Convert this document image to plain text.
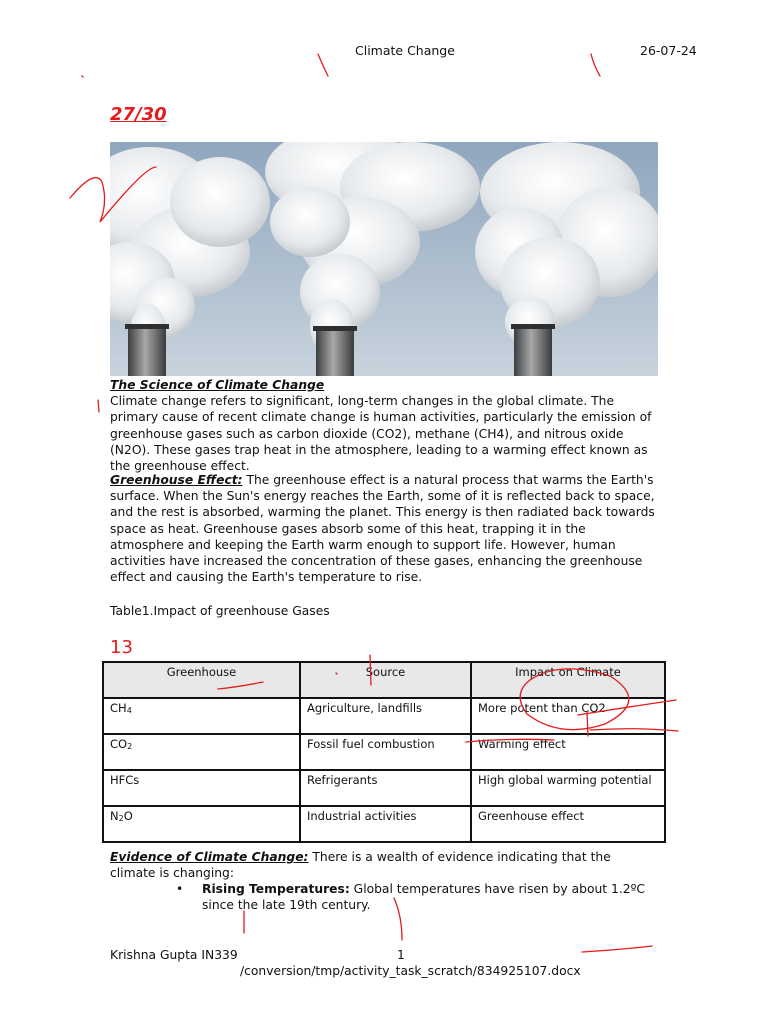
Climate Change	26-07-24
27/30

The Science of Climate Change
Climate change refers to significant, long-term changes in the global climate. The primary cause of recent climate change is human activities, particularly the emission of greenhouse gases such as carbon dioxide (CO2), methane (CH4), and nitrous oxide (N2O). These gases trap heat in the atmosphere, leading to a warming effect known as the greenhouse effect.

Greenhouse Effect: The greenhouse effect is a natural process that warms the Earth's surface. When the Sun's energy reaches the Earth, some of it is reflected back to space, and the rest is absorbed, warming the planet. This energy is then radiated back towards space as heat. Greenhouse gases absorb some of this heat, trapping it in the atmosphere and keeping the Earth warm enough to support life. However, human activities have increased the concentration of these gases, enhancing the greenhouse effect and causing the Earth's temperature to rise.

Table1.Impact of greenhouse Gases
13
Greenhouse	Source	Impact on Climate
$CH_4$	Agriculture, landfills	More potent than CO2
$CO_2$	Fossil fuel combustion	Warming effect
HFCs	Refrigerants	High global warming potential
$N_2O$	Industrial activities	Greenhouse effect

Evidence of Climate Change: There is a wealth of evidence indicating that the climate is changing:

•	Rising Temperatures: Global temperatures have risen by about 1.2ºC since the late 19th century.
Krishna Gupta IN339	1
/conversion/tmp/activity_task_scratch/834925107.docx
